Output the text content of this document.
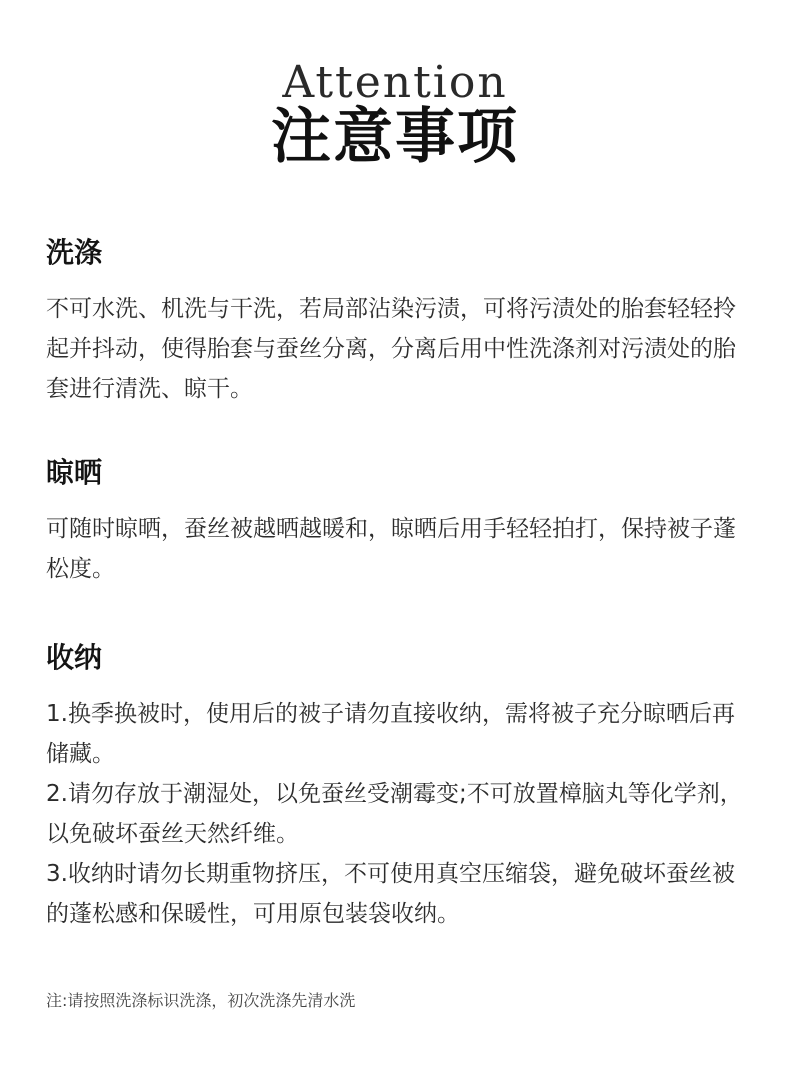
Attention
注意事项
洗涤

不可水洗、机洗与干洗，若局部沾染污渍，可将污渍处的胎套轻轻拎起并抖动，使得胎套与蚕丝分离，分离后用中性洗涤剂对污渍处的胎套进行清洗、晾干。

晾晒

可随时晾晒，蚕丝被越晒越暖和，晾晒后用手轻轻拍打，保持被子蓬松度。

收纳

1.换季换被时，使用后的被子请勿直接收纳，需将被子充分晾晒后再储藏。

2.请勿存放于潮湿处，以免蚕丝受潮霉变;不可放置樟脑丸等化学剂，以免破坏蚕丝天然纤维。

3.收纳时请勿长期重物挤压，不可使用真空压缩袋，避免破坏蚕丝被的蓬松感和保暖性，可用原包装袋收纳。

注:请按照洗涤标识洗涤，初次洗涤先清水洗
